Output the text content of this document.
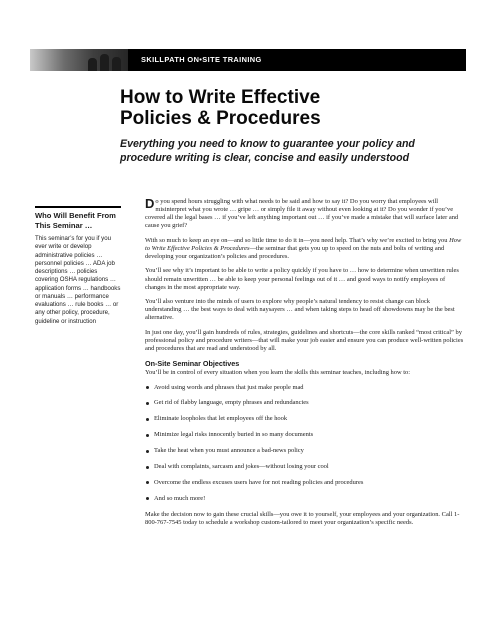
SKILLPATH ON•SITE TRAINING
How to Write Effective
Policies & Procedures
Everything you need to know to guarantee your policy and procedure writing is clear, concise and easily understood

Who Will Benefit From This Seminar …

This seminar’s for you if you ever write or develop administrative policies … personnel policies … ADA job descriptions … policies covering OSHA regulations … application forms … handbooks or manuals … performance evaluations … rule books … or any other policy, procedure, guideline or instruction

Do you spend hours struggling with what needs to be said and how to say it? Do you worry that employees will misinterpret what you wrote … gripe … or simply file it away without even looking at it? Do you wonder if you’ve covered all the legal bases … if you’ve left anything important out … if you’ve made a mistake that will surface later and cause you grief?

With so much to keep an eye on—and so little time to do it in—you need help. That’s why we’re excited to bring you How to Write Effective Policies & Procedures—the seminar that gets you up to speed on the nuts and bolts of writing and developing your organization’s policies and procedures.

You’ll see why it’s important to be able to write a policy quickly if you have to … how to determine when unwritten rules should remain unwritten … be able to keep your personal feelings out of it … and good ways to notify employees of changes in the most appropriate way.

You’ll also venture into the minds of users to explore why people’s natural tendency to resist change can block understanding … the best ways to deal with naysayers … and when taking steps to head off showdowns may be the best alternative.

In just one day, you’ll gain hundreds of rules, strategies, guidelines and shortcuts—the core skills ranked “most critical” by professional policy and procedure writers—that will make your job easier and ensure you can produce well-written policies and procedures that are read and understood by all.

On-Site Seminar Objectives

You’ll be in control of every situation when you learn the skills this seminar teaches, including how to:

Avoid using words and phrases that just make people mad
Get rid of flabby language, empty phrases and redundancies
Eliminate loopholes that let employees off the hook
Minimize legal risks innocently buried in so many documents
Take the heat when you must announce a bad-news policy
Deal with complaints, sarcasm and jokes—without losing your cool
Overcome the endless excuses users have for not reading policies and procedures
And so much more!

Make the decision now to gain these crucial skills—you owe it to yourself, your employees and your organization. Call 1-800-767-7545 today to schedule a workshop custom-tailored to meet your organization’s specific needs.
